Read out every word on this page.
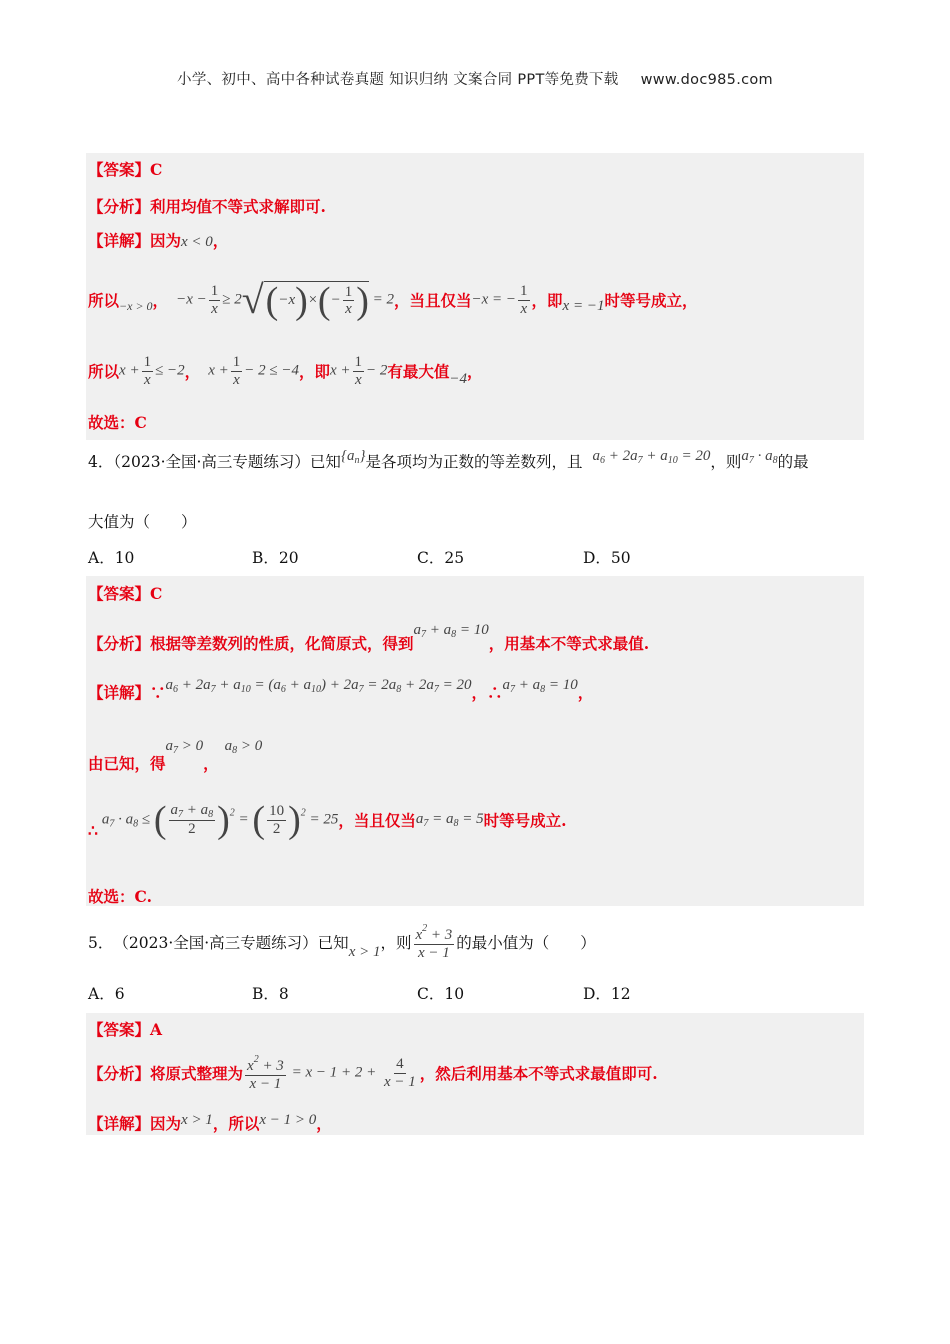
小学、初中、高中各种试卷真题 知识归纳 文案合同 PPT等免费下载 www.doc985.com
【答案】C
【分析】利用均值不等式求解即可.
【详解】因为x < 0，
所以 −x > 0 ， $-x - \frac{1}{x} \ge 2$ √ ( − x ) × ( − $\frac{1}{x}$ ) = 2 ，当且仅当 −x = − $\frac{1}{x}$ ，即 x = −1 时等号成立，
所以 $x + \frac{1}{x} \le -2$ ， $x + \frac{1}{x} - 2 \le -4$ ，即 $x + \frac{1}{x} - 2$ 有最大值 −4 ，
故选：C
4．（2023·全国·高三专题练习）已知$\{a_n\}$是各项均为正数的等差数列，且 $a_6 + 2a_7 + a_{10} = 20$，则$a_7 \cdot a_8$的最
大值为（　　）
A．10	B．20	C．25	D．50
【答案】C
【分析】根据等差数列的性质，化简原式，得到
$a_7 + a_8 = 10$
，用基本不等式求最值.
【详解】∵ $a_6 + 2a_7 + a_{10} = (a_6 + a_{10}) + 2a_7 = 2a_8 + 2a_7 = 20$ ，∴ $a_7 + a_8 = 10$ ，
由已知，得
$a_7 > 0$
，
$a_8 > 0$
∴
$a_7 \cdot a_8$ ≤ ( $\frac{a_7 + a_8}{2} )^2$ = ( $\frac{10}{2} )^2 = 25$ ，当且仅当 $a_7 = a_8 = 5$ 时等号成立.
故选：C.
5． （2023·全国·高三专题练习）已知 x > 1 ，则 $\frac{x^2 + 3}{x - 1}$ 的最小值为（　　）
A．6	B．8	C．10	D．12
【答案】A
【分析】将原式整理为 $\frac{x^2 + 3}{x - 1} = x - 1 + 2 + \frac{4}{x - 1}$ ，然后利用基本不等式求最值即可.
【详解】因为 x > 1 ，所以 x − 1 > 0 ，
